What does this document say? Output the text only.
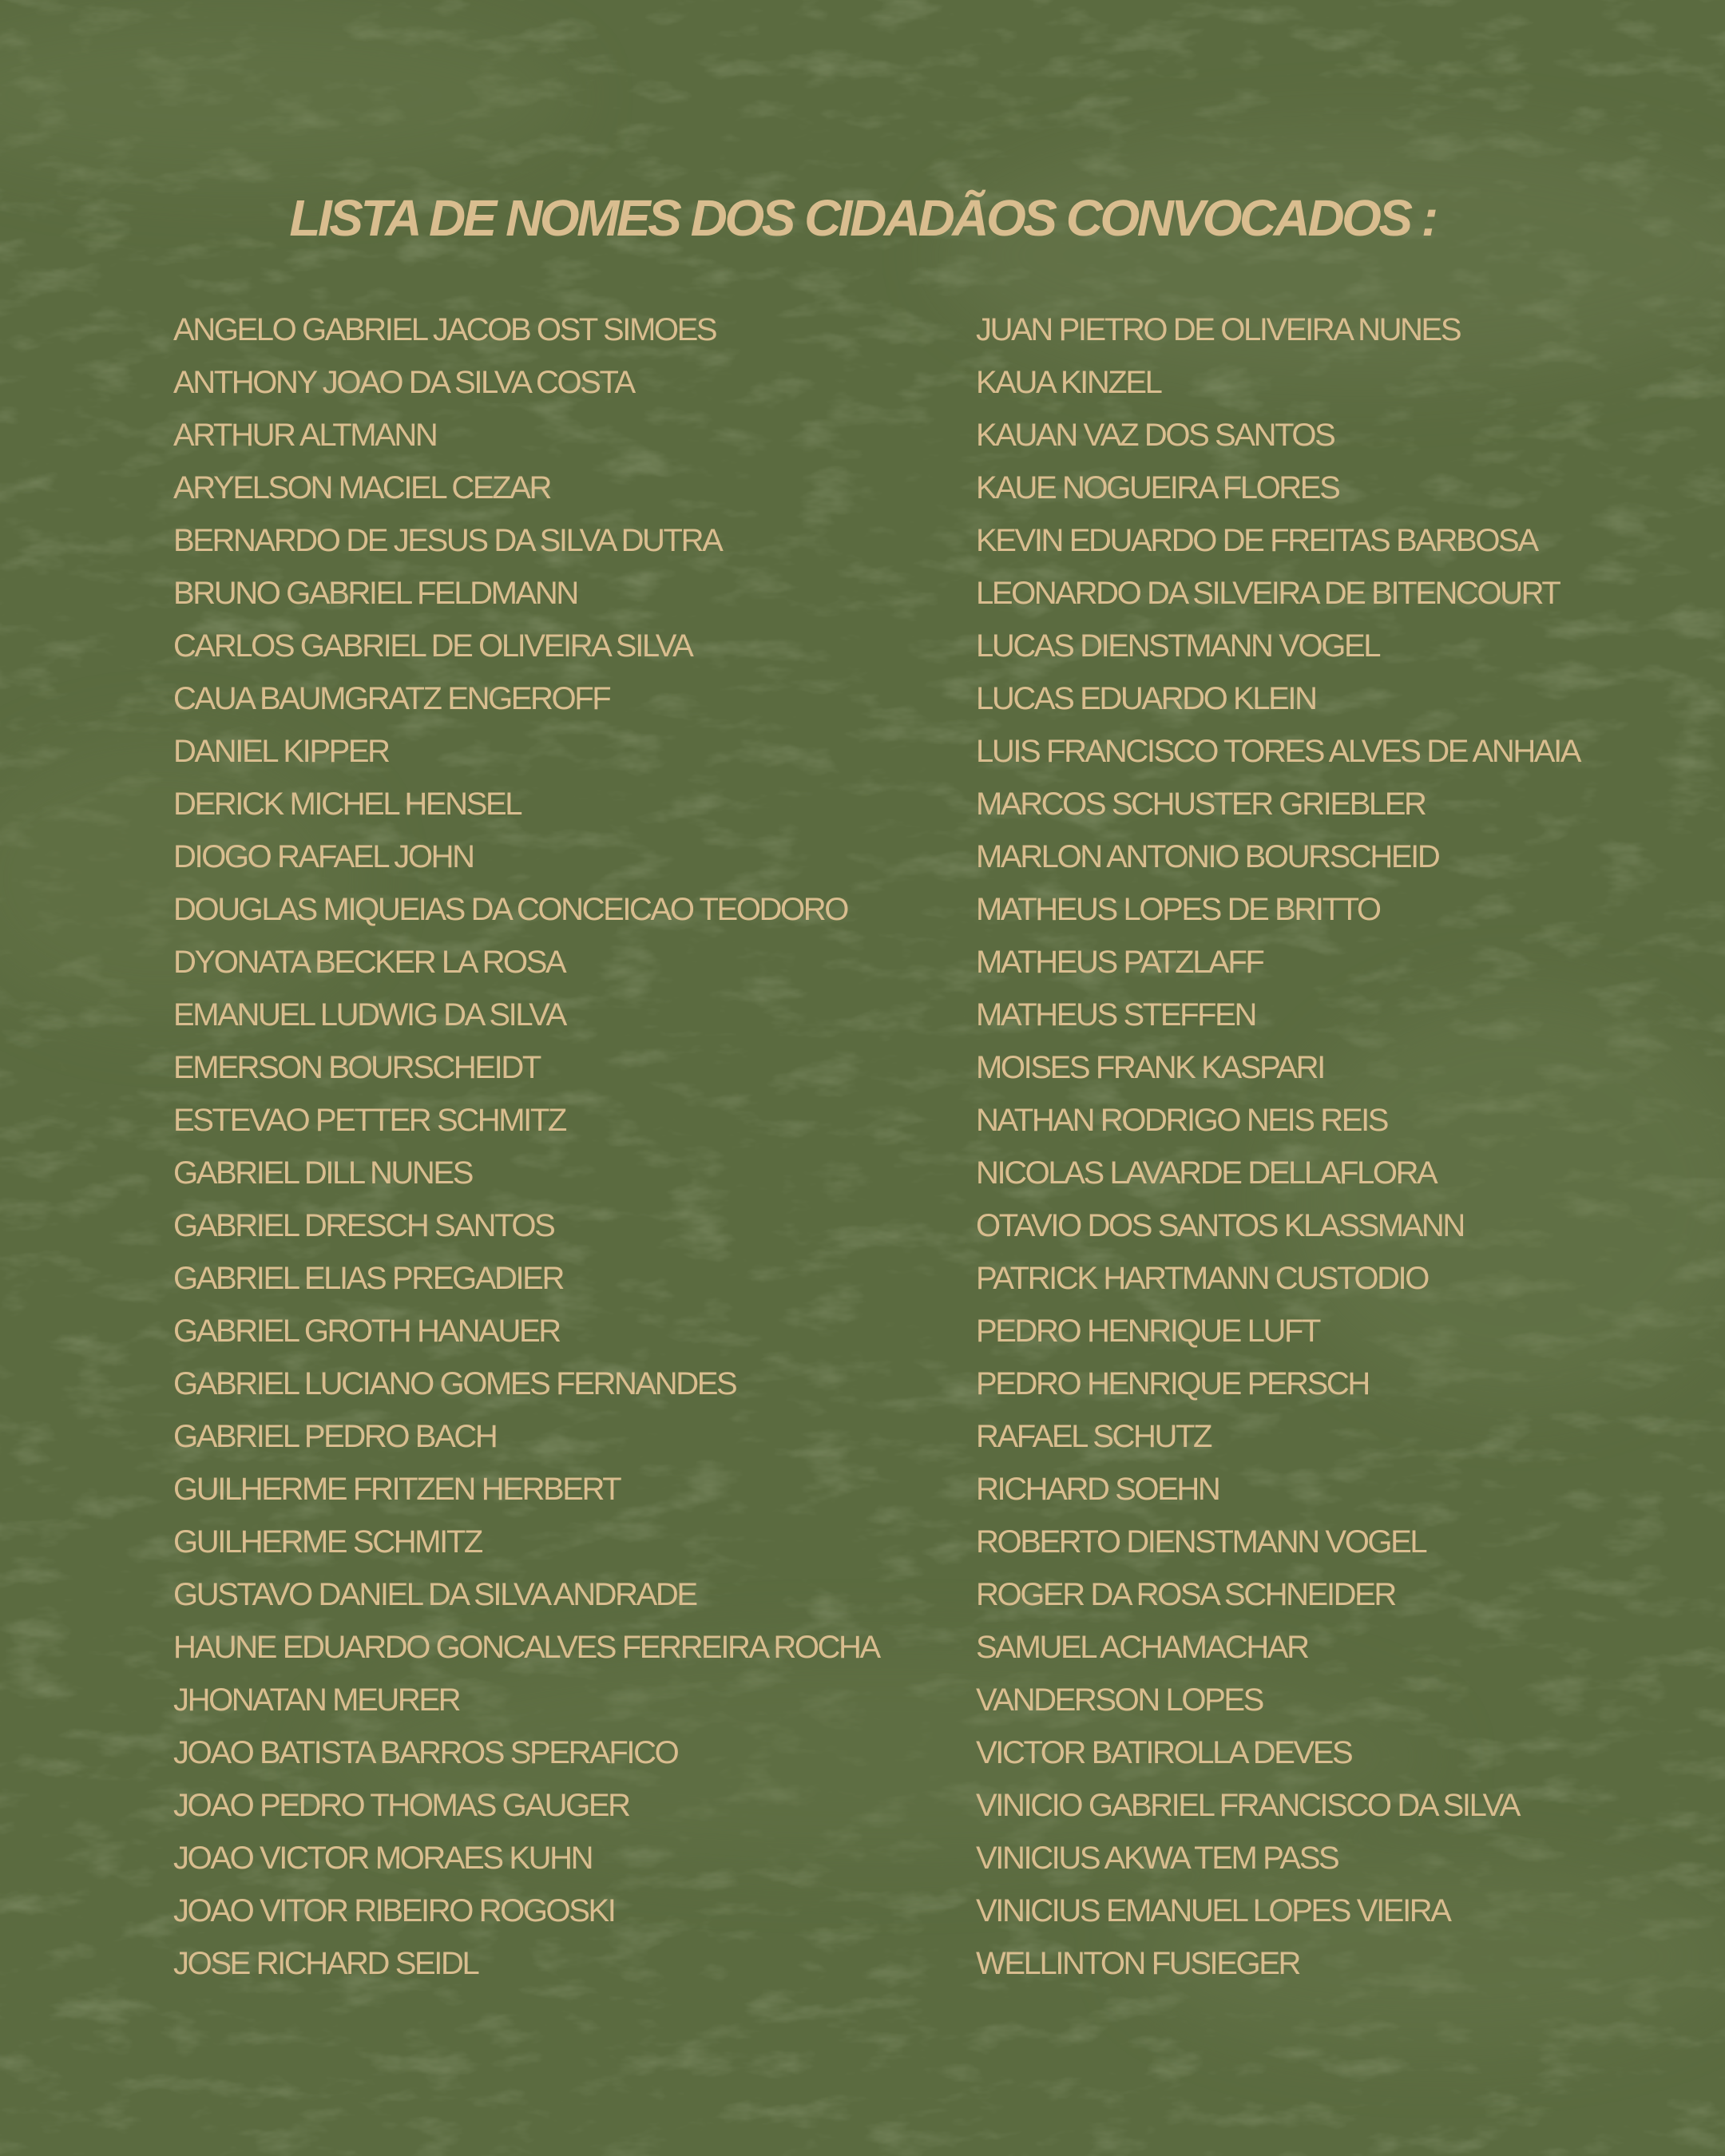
LISTA DE NOMES DOS CIDADÃOS CONVOCADOS :
ANGELO GABRIEL JACOB OST SIMOES
ANTHONY JOAO DA SILVA COSTA
ARTHUR ALTMANN
ARYELSON MACIEL CEZAR
BERNARDO DE JESUS DA SILVA DUTRA
BRUNO GABRIEL FELDMANN
CARLOS GABRIEL DE OLIVEIRA SILVA
CAUA BAUMGRATZ ENGEROFF
DANIEL KIPPER
DERICK MICHEL HENSEL
DIOGO RAFAEL JOHN
DOUGLAS MIQUEIAS DA CONCEICAO TEODORO
DYONATA BECKER LA ROSA
EMANUEL LUDWIG DA SILVA
EMERSON BOURSCHEIDT
ESTEVAO PETTER SCHMITZ
GABRIEL DILL NUNES
GABRIEL DRESCH SANTOS
GABRIEL ELIAS PREGADIER
GABRIEL GROTH HANAUER
GABRIEL LUCIANO GOMES FERNANDES
GABRIEL PEDRO BACH
GUILHERME FRITZEN HERBERT
GUILHERME SCHMITZ
GUSTAVO DANIEL DA SILVA ANDRADE
HAUNE EDUARDO GONCALVES FERREIRA ROCHA
JHONATAN MEURER
JOAO BATISTA BARROS SPERAFICO
JOAO PEDRO THOMAS GAUGER
JOAO VICTOR MORAES KUHN
JOAO VITOR RIBEIRO ROGOSKI
JOSE RICHARD SEIDL
JUAN PIETRO DE OLIVEIRA NUNES
KAUA KINZEL
KAUAN VAZ DOS SANTOS
KAUE NOGUEIRA FLORES
KEVIN EDUARDO DE FREITAS BARBOSA
LEONARDO DA SILVEIRA DE BITENCOURT
LUCAS DIENSTMANN VOGEL
LUCAS EDUARDO KLEIN
LUIS FRANCISCO TORES ALVES DE ANHAIA
MARCOS SCHUSTER GRIEBLER
MARLON ANTONIO BOURSCHEID
MATHEUS LOPES DE BRITTO
MATHEUS PATZLAFF
MATHEUS STEFFEN
MOISES FRANK KASPARI
NATHAN RODRIGO NEIS REIS
NICOLAS LAVARDE DELLAFLORA
OTAVIO DOS SANTOS KLASSMANN
PATRICK HARTMANN CUSTODIO
PEDRO HENRIQUE LUFT
PEDRO HENRIQUE PERSCH
RAFAEL SCHUTZ
RICHARD SOEHN
ROBERTO DIENSTMANN VOGEL
ROGER DA ROSA SCHNEIDER
SAMUEL ACHAMACHAR
VANDERSON LOPES
VICTOR BATIROLLA DEVES
VINICIO GABRIEL FRANCISCO DA SILVA
VINICIUS AKWA TEM PASS
VINICIUS EMANUEL LOPES VIEIRA
WELLINTON FUSIEGER
